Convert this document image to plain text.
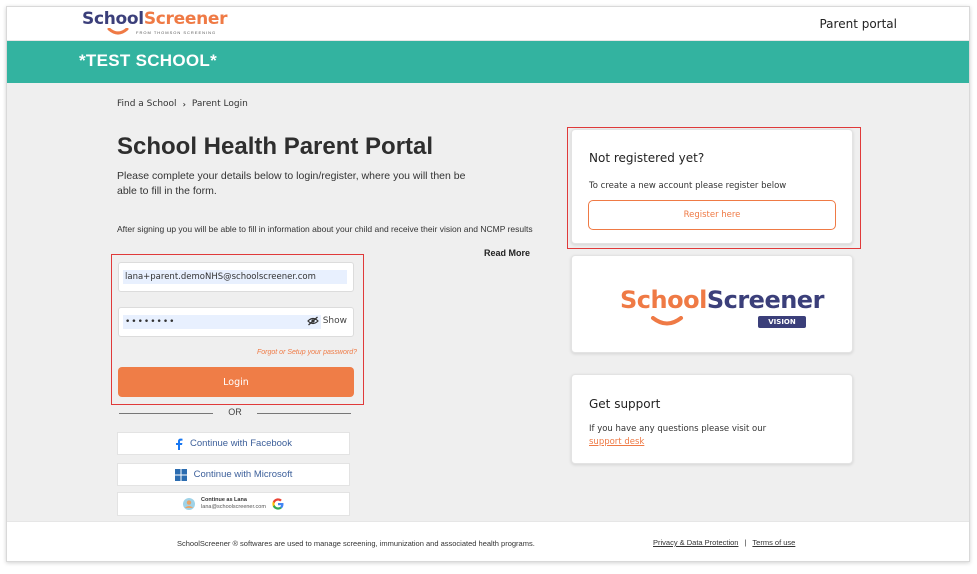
SchoolScreener
FROM THOMSON SCREENING
Parent portal
*TEST SCHOOL*
Find a School › Parent Login
School Health Parent Portal
Please complete your details below to login/register, where you will then be able to fill in the form.
After signing up you will be able to fill in information about your child and receive their vision and NCMP results
Read More
lana+parent.demoNHS@schoolscreener.com
••••••••
Show
Forgot or Setup your password?
Login
OR
Continue with Facebook
Continue with Microsoft
Continue as Lana
lana@schoolscreener.com
Not registered yet?
To create a new account please register below
Register here
SchoolScreener
VISION
Get support
If you have any questions please visit our
support desk
SchoolScreener ® softwares are used to manage screening, immunization and associated health programs.	Privacy & Data Protection | Terms of use
